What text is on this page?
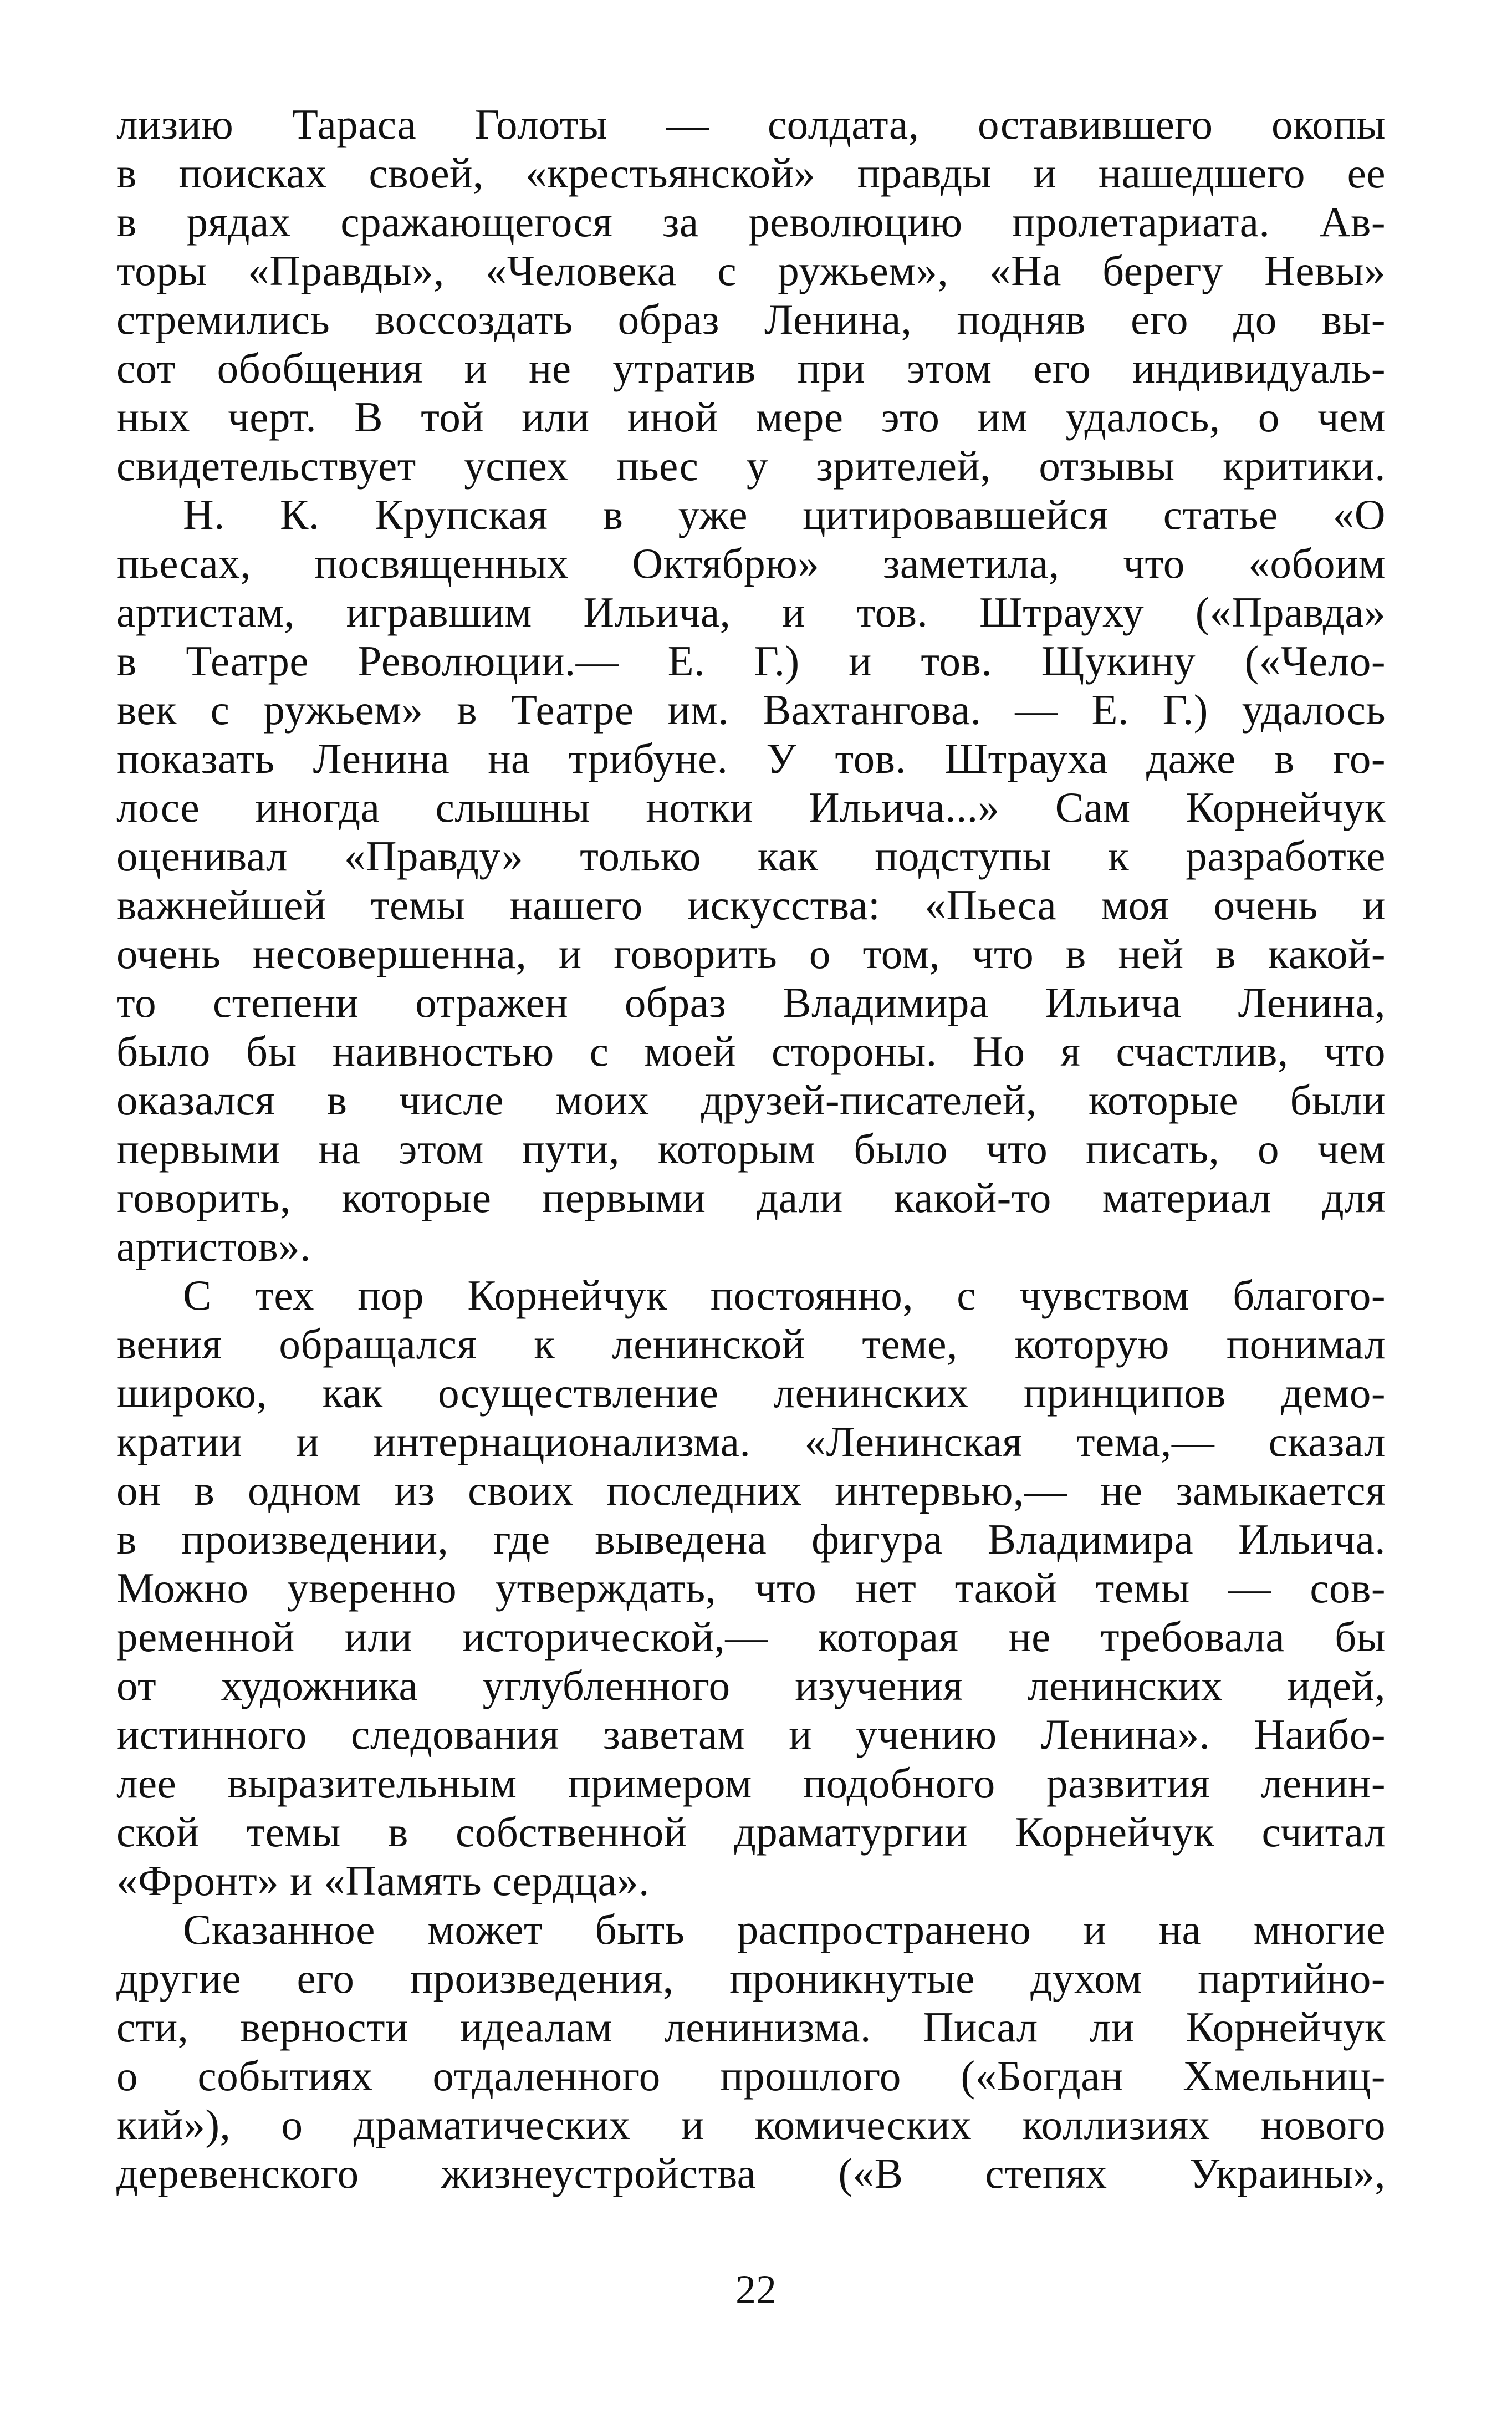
лизию Тараса Голоты — солдата, оставившего окопы
в поисках своей, «крестьянской» правды и нашедшего ее
в рядах сражающегося за революцию пролетариата. Ав-
торы «Правды», «Человека с ружьем», «На берегу Невы»
стремились воссоздать образ Ленина, подняв его до вы-
сот обобщения и не утратив при этом его индивидуаль-
ных черт. В той или иной мере это им удалось, о чем
свидетельствует успех пьес у зрителей, отзывы критики.
Н. К. Крупская в уже цитировавшейся статье «О
пьесах, посвященных Октябрю» заметила, что «обоим
артистам, игравшим Ильича, и тов. Штрауху («Правда»
в Театре Революции.— Е. Г.) и тов. Щукину («Чело-
век с ружьем» в Театре им. Вахтангова. — Е. Г.) удалось
показать Ленина на трибуне. У тов. Штрауха даже в го-
лосе иногда слышны нотки Ильича...» Сам Корнейчук
оценивал «Правду» только как подступы к разработке
важнейшей темы нашего искусства: «Пьеса моя очень и
очень несовершенна, и говорить о том, что в ней в какой-
то степени отражен образ Владимира Ильича Ленина,
было бы наивностью с моей стороны. Но я счастлив, что
оказался в числе моих друзей-писателей, которые были
первыми на этом пути, которым было что писать, о чем
говорить, которые первыми дали какой-то материал для
артистов».
С тех пор Корнейчук постоянно, с чувством благого-
вения обращался к ленинской теме, которую понимал
широко, как осуществление ленинских принципов демо-
кратии и интернационализма. «Ленинская тема,— сказал
он в одном из своих последних интервью,— не замыкается
в произведении, где выведена фигура Владимира Ильича.
Можно уверенно утверждать, что нет такой темы — сов-
ременной или исторической,— которая не требовала бы
от художника углубленного изучения ленинских идей,
истинного следования заветам и учению Ленина». Наибо-
лее выразительным примером подобного развития ленин-
ской темы в собственной драматургии Корнейчук считал
«Фронт» и «Память сердца».
Сказанное может быть распространено и на многие
другие его произведения, проникнутые духом партийно-
сти, верности идеалам ленинизма. Писал ли Корнейчук
о событиях отдаленного прошлого («Богдан Хмельниц-
кий»), о драматических и комических коллизиях нового
деревенского жизнеустройства («В степях Украины»,
22
